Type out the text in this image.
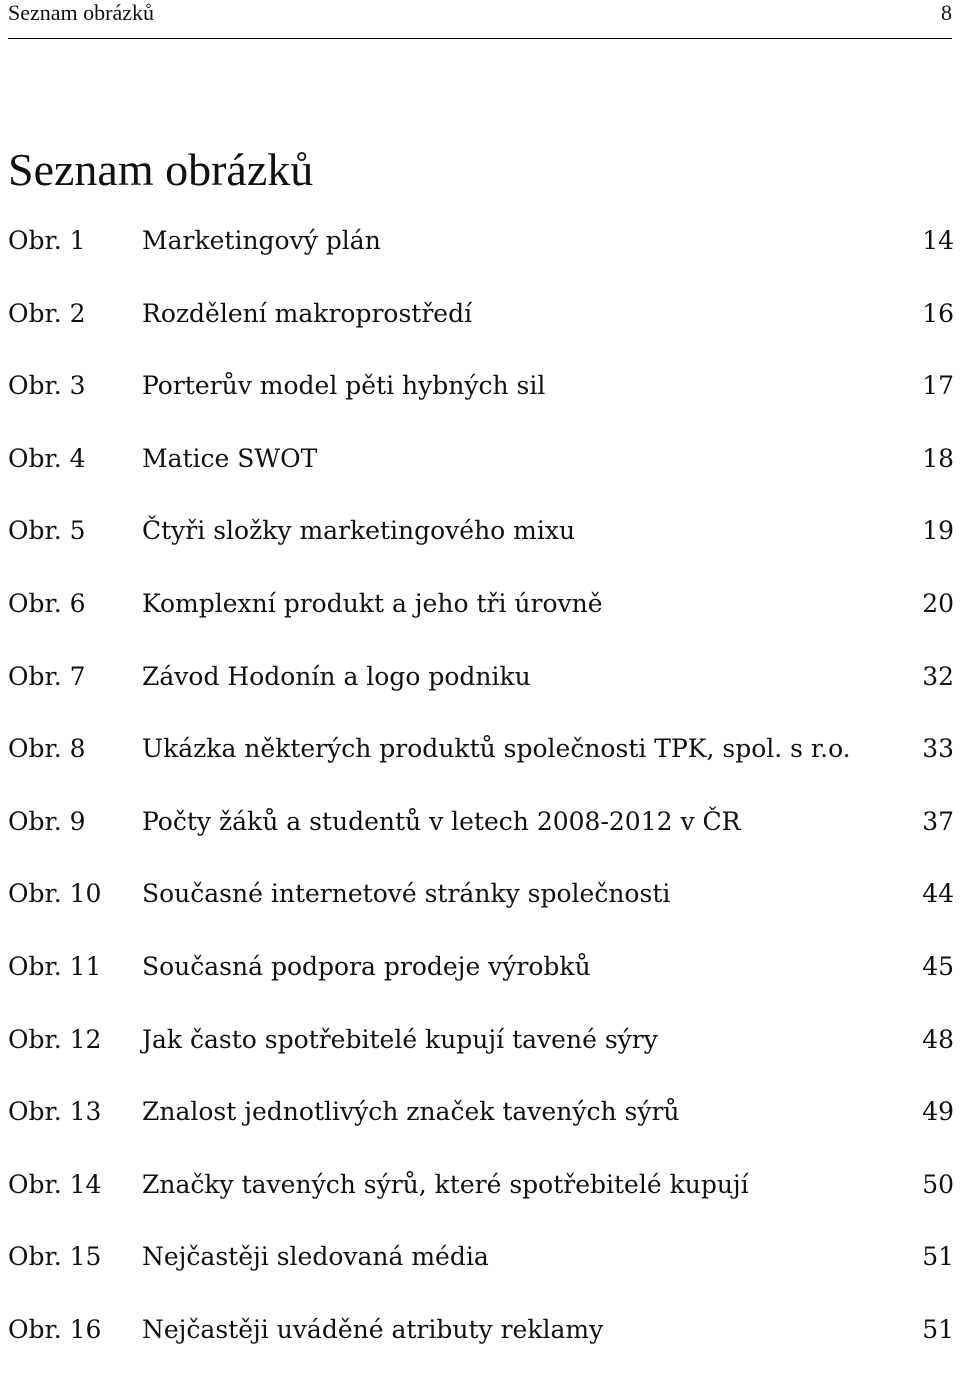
Seznam obrázků	8
Seznam obrázků
Obr. 1 Marketingový plán	14
Obr. 2 Rozdělení makroprostředí	16
Obr. 3 Porterův model pěti hybných sil	17
Obr. 4 Matice SWOT	18
Obr. 5 Čtyři složky marketingového mixu	19
Obr. 6 Komplexní produkt a jeho tři úrovně	20
Obr. 7 Závod Hodonín a logo podniku	32
Obr. 8 Ukázka některých produktů společnosti TPK, spol. s r.o.	33
Obr. 9 Počty žáků a studentů v letech 2008-2012 v ČR	37
Obr. 10 Současné internetové stránky společnosti	44
Obr. 11 Současná podpora prodeje výrobků	45
Obr. 12 Jak často spotřebitelé kupují tavené sýry	48
Obr. 13 Znalost jednotlivých značek tavených sýrů	49
Obr. 14 Značky tavených sýrů, které spotřebitelé kupují	50
Obr. 15 Nejčastěji sledovaná média	51
Obr. 16 Nejčastěji uváděné atributy reklamy	51
